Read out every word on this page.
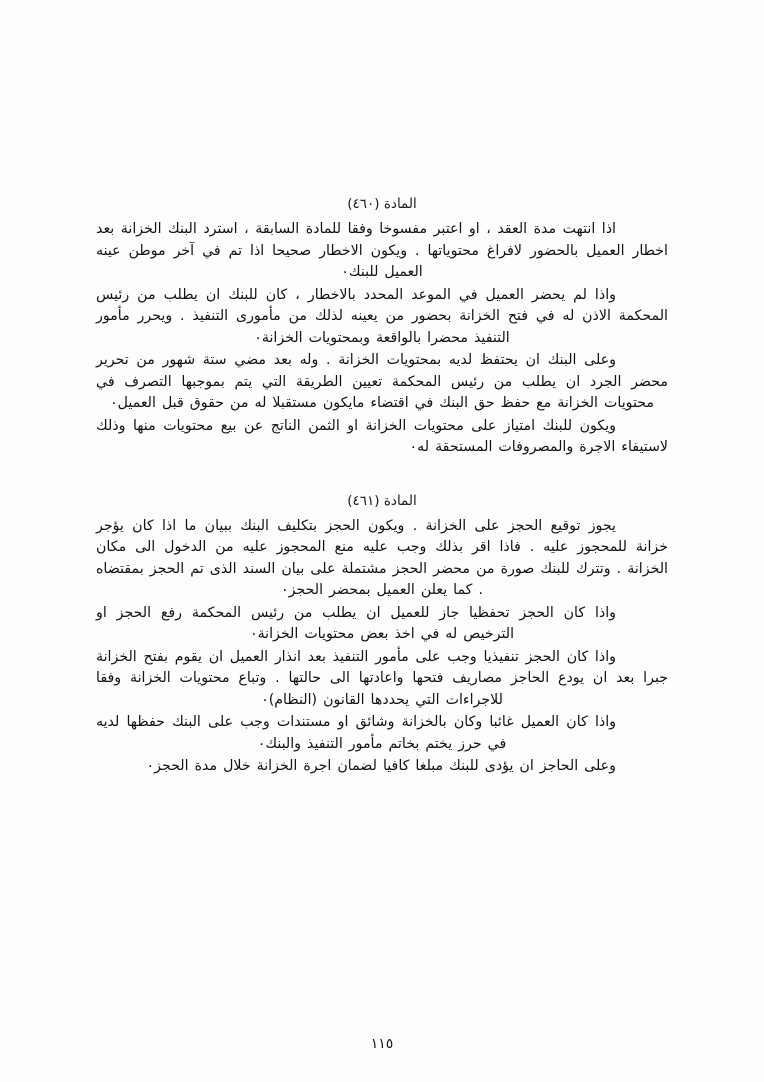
المادة (٤٦٠)

اذا انتهت مدة العقد ، او اعتبر مفسوخا وفقا للمادة السابقة ، استرد البنك الخزانة بعد اخطار العميل بالحضور لافراغ محتوياتها . ويكون الاخطار صحيحا اذا تم في آخر موطن عينه العميل للبنك٠

واذا لم يحضر العميل في الموعد المحدد بالاخطار ، كان للبنك ان يطلب من رئيس المحكمة الاذن له في فتح الخزانة بحضور من يعينه لذلك من مأمورى التنفيذ . ويحرر مأمور التنفيذ محضرا بالواقعة وبمحتويات الخزانة٠

وعلى البنك ان يحتفظ لديه بمحتويات الخزانة . وله بعد مضي ستة شهور من تحرير محضر الجرد ان يطلب من رئيس المحكمة تعيين الطريقة التي يتم بموجبها التصرف في محتويات الخزانة مع حفظ حق البنك في اقتضاء مايكون مستقبلا له من حقوق قبل العميل٠

ويكون للبنك امتياز على محتويات الخزانة او الثمن الناتج عن بيع محتويات منها وذلك لاستيفاء الاجرة والمصروفات المستحقة له٠

المادة (٤٦١)

يجوز توقيع الحجز على الخزانة . ويكون الحجز بتكليف البنك ببيان ما اذا كان يؤجر خزانة للمحجوز عليه . فاذا اقر بذلك وجب عليه منع المحجوز عليه من الدخول الى مكان الخزانة . وتترك للبنك صورة من محضر الحجز مشتملة على بيان السند الذى تم الحجز بمقتضاه . كما يعلن العميل بمحضر الحجز٠

واذا كان الحجز تحفظيا جاز للعميل ان يطلب من رئيس المحكمة رفع الحجز او الترخيص له في اخذ بعض محتويات الخزانة٠

واذا كان الحجز تنفيذيا وجب على مأمور التنفيذ بعد انذار العميل ان يقوم بفتح الخزانة جبرا بعد ان يودع الحاجز مصاريف فتحها واعادتها الى حالتها . وتباع محتويات الخزانة وفقا للاجراءات التي يحددها القانون (النظام)٠

واذا كان العميل غائبا وكان بالخزانة وشائق او مستندات وجب على البنك حفظها لديه في حرز يختم بخاتم مأمور التنفيذ والبنك٠

وعلى الحاجز ان يؤدى للبنك مبلغا كافيا لضمان اجرة الخزانة خلال مدة الحجز٠

١١٥
